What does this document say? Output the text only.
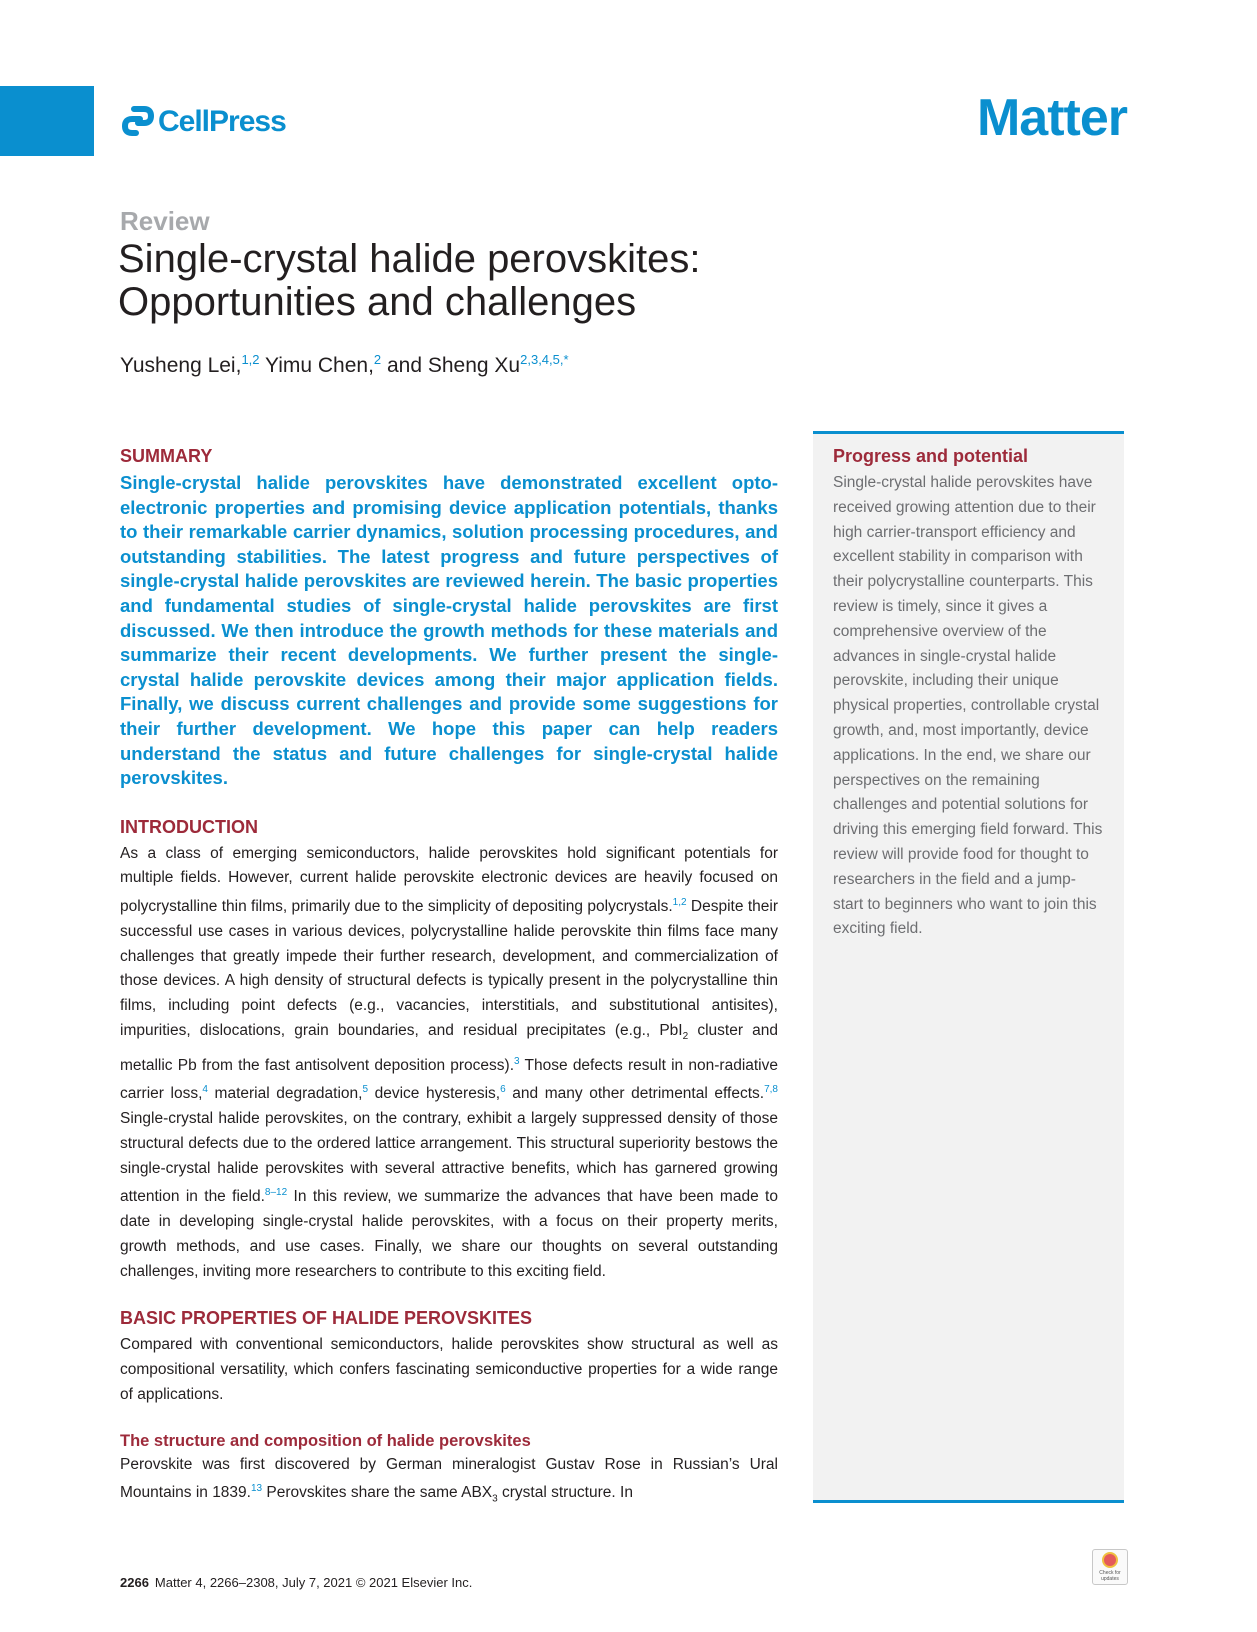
CellPress	Matter
Review
Single-crystal halide perovskites:
Opportunities and challenges
Yusheng Lei,$^{1,2}$ Yimu Chen,$^2$ and Sheng $Xu^{2,3,4,5,*}$
Progress and potential

Single-crystal halide perovskites have received growing attention due to their high carrier-transport efficiency and excellent stability in comparison with their polycrystalline counterparts. This review is timely, since it gives a comprehensive overview of the advances in single-crystal halide perovskite, including their unique physical properties, controllable crystal growth, and, most importantly, device applications. In the end, we share our perspectives on the remaining challenges and potential solutions for driving this emerging field forward. This review will provide food for thought to researchers in the field and a jump-start to beginners who want to join this exciting field.

SUMMARY

Single-crystal halide perovskites have demonstrated excellent opto-electronic properties and promising device application potentials, thanks to their remarkable carrier dynamics, solution processing procedures, and outstanding stabilities. The latest progress and future perspectives of single-crystal halide perovskites are reviewed herein. The basic properties and fundamental studies of single-crystal halide perovskites are first discussed. We then introduce the growth methods for these materials and summarize their recent developments. We further present the single-crystal halide perovskite devices among their major application fields. Finally, we discuss current challenges and provide some suggestions for their further development. We hope this paper can help readers understand the status and future challenges for single-crystal halide perovskites.

INTRODUCTION

As a class of emerging semiconductors, halide perovskites hold significant potentials for multiple fields. However, current halide perovskite electronic devices are heavily focused on polycrystalline thin films, primarily due to the simplicity of depositing polycrystals.$^{1,2}$ Despite their successful use cases in various devices, polycrystalline halide perovskite thin films face many challenges that greatly impede their further research, development, and commercialization of those devices. A high density of structural defects is typically present in the polycrystalline thin films, including point defects (e.g., vacancies, interstitials, and substitutional antisites), impurities, dislocations, grain boundaries, and residual precipitates (e.g., PbI$_2$ cluster and metallic Pb from the fast antisolvent deposition process).$^3$ Those defects result in non-radiative carrier loss,$^4$ material degradation,$^5$ device hysteresis,$^6$ and many other detrimental effects.$^{7,8}$ Single-crystal halide perovskites, on the contrary, exhibit a largely suppressed density of those structural defects due to the ordered lattice arrangement. This structural superiority bestows the single-crystal halide perovskites with several attractive benefits, which has garnered growing attention in the field.$^{8-12}$ In this review, we summarize the advances that have been made to date in developing single-crystal halide perovskites, with a focus on their property merits, growth methods, and use cases. Finally, we share our thoughts on several outstanding challenges, inviting more researchers to contribute to this exciting field.

BASIC PROPERTIES OF HALIDE PEROVSKITES

Compared with conventional semiconductors, halide perovskites show structural as well as compositional versatility, which confers fascinating semiconductive properties for a wide range of applications.

The structure and composition of halide perovskites

Perovskite was first discovered by German mineralogist Gustav Rose in Russian’s Ural Mountains in 1839.13 Perovskites share the same $ABX_3$ crystal structure. In

2266 Matter 4, 2266–2308, July 7, 2021 © 2021 Elsevier Inc.
Check for updates
